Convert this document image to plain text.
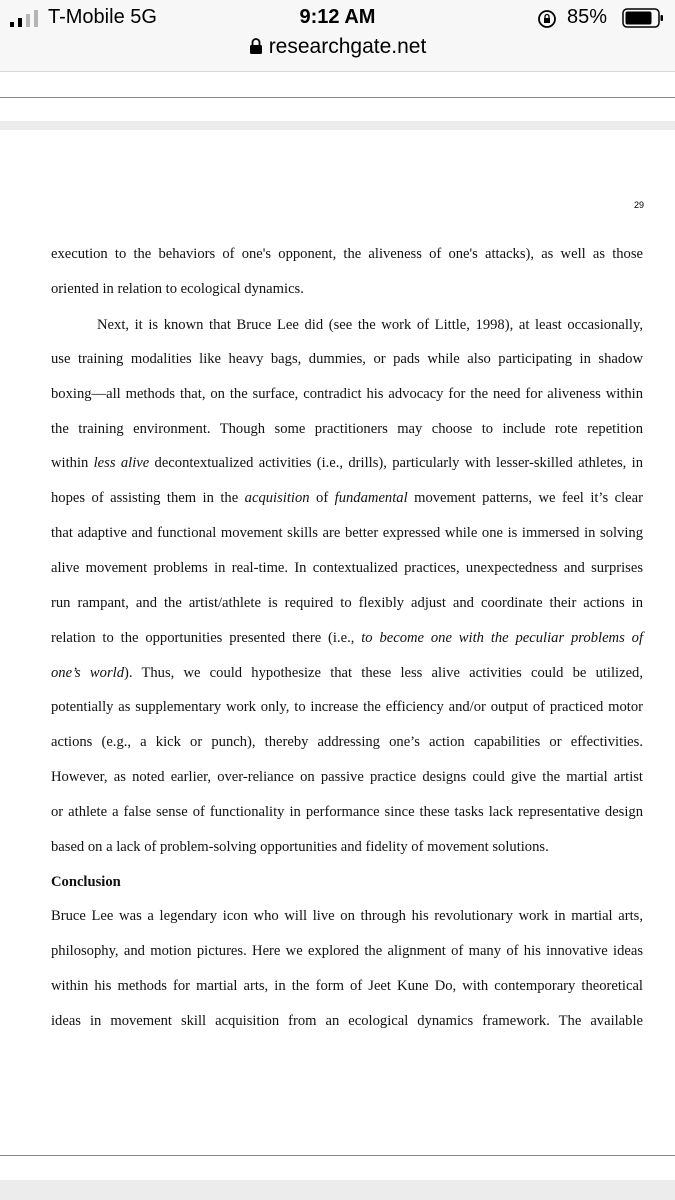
T-Mobile 5G	9:12 AM	85%
researchgate.net
29
execution to the behaviors of one's opponent, the aliveness of one's attacks), as well as those
oriented in relation to ecological dynamics.
Next, it is known that Bruce Lee did (see the work of Little, 1998), at least occasionally,
use training modalities like heavy bags, dummies, or pads while also participating in shadow
boxing—all methods that, on the surface, contradict his advocacy for the need for aliveness within
the training environment. Though some practitioners may choose to include rote repetition
within less alive decontextualized activities (i.e., drills), particularly with lesser-skilled athletes, in
hopes of assisting them in the acquisition of fundamental movement patterns, we feel it’s clear
that adaptive and functional movement skills are better expressed while one is immersed in solving
alive movement problems in real-time. In contextualized practices, unexpectedness and surprises
run rampant, and the artist/athlete is required to flexibly adjust and coordinate their actions in
relation to the opportunities presented there (i.e., to become one with the peculiar problems of
one’s world). Thus, we could hypothesize that these less alive activities could be utilized,
potentially as supplementary work only, to increase the efficiency and/or output of practiced motor
actions (e.g., a kick or punch), thereby addressing one’s action capabilities or effectivities.
However, as noted earlier, over-reliance on passive practice designs could give the martial artist
or athlete a false sense of functionality in performance since these tasks lack representative design
based on a lack of problem-solving opportunities and fidelity of movement solutions.
Conclusion
Bruce Lee was a legendary icon who will live on through his revolutionary work in martial arts,
philosophy, and motion pictures. Here we explored the alignment of many of his innovative ideas
within his methods for martial arts, in the form of Jeet Kune Do, with contemporary theoretical
ideas in movement skill acquisition from an ecological dynamics framework. The available
